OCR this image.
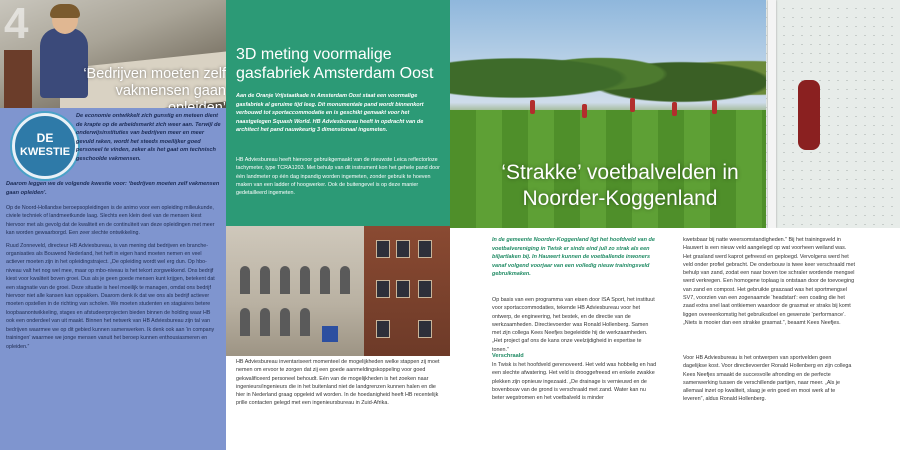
4
‘Bedrijven moeten zelf vakmensen gaan
DE
KWESTIE
De economie ontwikkelt zich gunstig en meteen dient de krapte op de arbeidsmarkt zich weer aan. Terwijl de onderwijsinstituties van bedrijven meer en meer gevuld raken, wordt het steeds moeilijker goed personeel te vinden, zeker als het gaat om technisch geschoolde vakmensen.
Daarom leggen we de volgende kwestie voor: ‘bedrijven moeten zelf vakmensen gaan opleiden’.

Op de Noord-Hollandse beroepsopleidingen is de animo voor een opleiding milieukunde, civiele techniek of landmeetkunde laag. Slechts een klein deel van de mensen kiest hiervoor met als gevolg dat de kwaliteit en de continuïteit van deze opleidingen met meer kan worden gewaarborgd. Een zeer slechte ontwikkeling.

Ruud Zonneveld, directeur HB Adviesbureau, is van mening dat bedrijven en brancheorganisaties als Bouwend Nederland, het heft in eigen hand moeten nemen en veel actiever moeten zijn in het opleidingstraject. „De opleiding wordt wel erg dun. Op hbo-niveau valt het nog wel mee, maar op mbo-niveau is het tekort zorgwekkend. Ons bedrijf kiest voor kwaliteit boven groei. Dus als je geen goede mensen kunt krijgen, betekent dat een stagnatie van de groei. Deze situatie is heel moeilijk te managen, omdat ons bedrijf hiervoor niet alle kansen kan oppakken. Daarom denk ik dat we ons als bedrijf actiever moeten opstellen in de richting van scholen. We moeten studenten en stagiaires betere loopbaanontwikkeling, stages en afstudeerprojecten bieden binnen de holding waar HB ook een onderdeel van uit maakt. Binnen het netwerk van HB Adviesbureau zijn tal van bedrijven waarmee we op dit gebied kunnen samenwerken. Ik denk ook aan ‘in company trainingen’ waarmee we jonge mensen vanuit het beroep kunnen enthousiasmeren en opleiden.”

3D meting voormalige gasfabriek Amsterdam Oost
Aan de Oranje Vrijstaatkade in Amsterdam Oost staat een voormalige gasfabriek al geruime tijd leeg. Dit monumentale pand wordt binnenkort verbouwd tot sportaccommodatie en is geschikt gemaakt voor het naastgelegen Squash World. HB Adviesbureau heeft in opdracht van de architect het pand nauwkeurig 3 dimensionaal ingemeten.
HB Adviesbureau heeft hiervoor gebruikgemaakt van de nieuwste Leica reflectorloze tachymeter, type TCRA1203. Met behulp van dit instrument kon het gehele pand door één landmeter op één dag inpandig worden ingemeten, zonder gebruik te hoeven maken van een ladder of hoogwerker. Ook de buitengevel is op deze manier gedetailleerd ingemeten.
HB Adviesbureau inventariseert momenteel de mogelijkheden welke stappen zij moet nemen om ervoor te zorgen dat zij een goede aanmeldingskoppeling voor goed gekwalificeerd personeel behoudt. Eén van de mogelijkheden is het zoeken naar ingenieurs/ingenieurs die in het buitenland niet de landgrenzen kunnen halen en die hier in Nederland graag opgeleid wil worden. In de hoedanigheid heeft HB recentelijk prille contacten gelegd met een ingenieursbureau in Zuid-Afrika.
‘Strakke’ voetbalvelden in Noorder-Koggenland
In de gemeente Noorder-Koggenland ligt het hoofdveld van de voetbalvereniging in Twisk er sinds eind juli zo strak als een biljartlaken bij. In Hauwert kunnen de voetballende inwoners vanaf volgend voorjaar van een volledig nieuw trainingsveld gebruikmaken.
Op basis van een programma van eisen door ISA Sport, het instituut voor sportaccommodaties, tekende HB Adviesbureau voor het ontwerp, de engineering, het bestek, en de directie van de werkzaamheden. Directievoerder was Ronald Hollenberg. Samen met zijn collega Kees Neefjes begeleidde hij de werkzaamheden. „Het project gaf ons de kans onze veelzijdigheid in expertise te tonen.”
Verschraald
In Twisk is het hoofdveld gerenoveerd. Het veld was hobbelig en had een slechte afwatering. Het veld is drooggefreesd en enkele zwakke plekken zijn opnieuw ingezaaid. „De drainage is vernieuwd en de bovenbouw van de grond is verschraald met zand. Water kan nu beter wegstromen en het voetbalveld is minder
kwetsbaar bij natte weersomstandigheden.” Bij het trainingsveld in Hauwert is een nieuw veld aangelegd op wat voorheen weiland was. Het grasland werd kaprot gefreesd en geploegd. Vervolgens werd het veld onder profiel gebracht. De onderbouw is twee keer verschraald met behulp van zand, zodat een naar boven toe schraler wordende mengsel werd verkregen. Een homogene toplaag is ontstaan door de toevoeging van zand en compost. Het gebruikte graszaad was het sportmengsel SV7, voorzien van een zogenaamde ‘headstart’: een coating die het zaad extra snel laat ontkiemen waardoor de grasmat er straks bij komt liggen overeenkomstig het gebruiksdoel en gewenste ‘performance’. „Niets is mooier dan een strakke grasmat.”, beaamt Kees Neefjes.
Voor HB Adviesbureau is het ontwerpen van sportvelden geen dagelijkse kost. Voor directievoerder Ronald Hollenberg en zijn collega Kees Neefjes smaakt de succesvolle afronding en de perfecte samenwerking tussen de verschillende partijen, naar meer. „Als je allemaal inzet op kwaliteit, slaag je erin goed en mooi werk af te leveren”, aldus Ronald Hollenberg.
